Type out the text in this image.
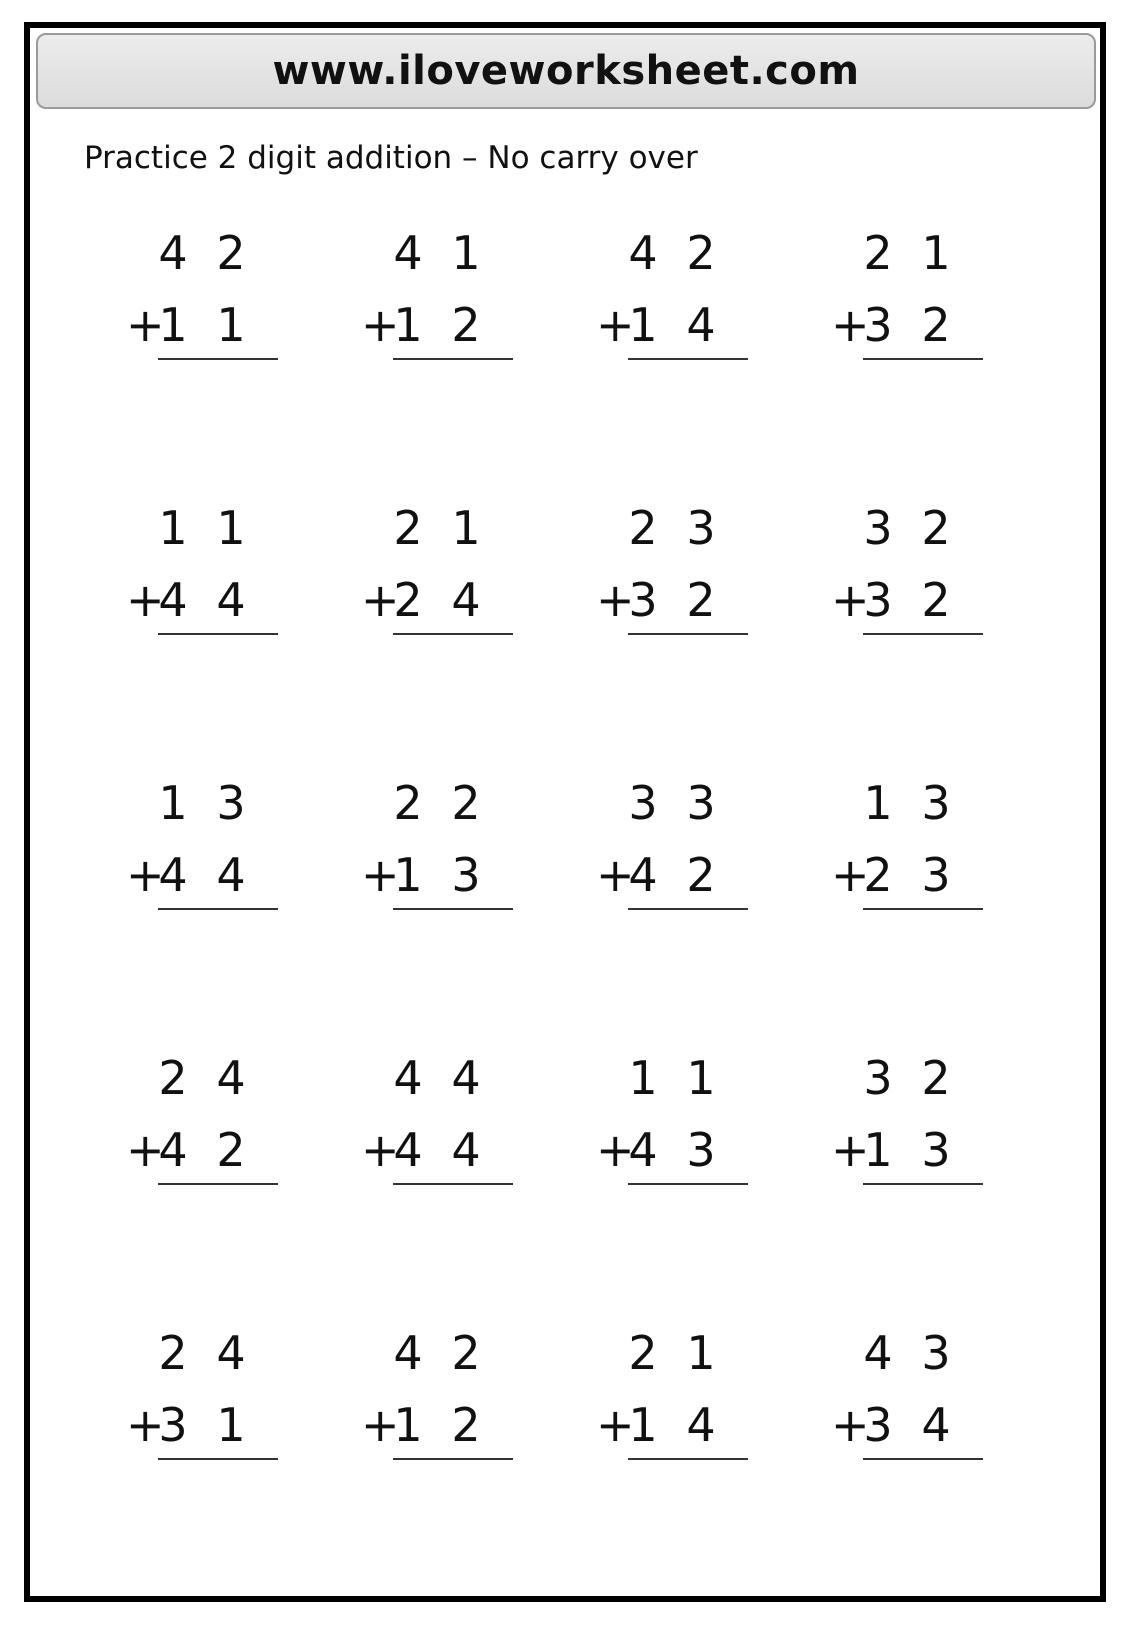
www.iloveworksheet.com
Practice 2 digit addition – No carry over
4 2
+
1 1
4 1
+
1 2
4 2
+
1 4
2 1
+
3 2
1 1
+
4 4
2 1
+
2 4
2 3
+
3 2
3 2
+
3 2
1 3
+
4 4
2 2
+
1 3
3 3
+
4 2
1 3
+
2 3
2 4
+
4 2
4 4
+
4 4
1 1
+
4 3
3 2
+
1 3
2 4
+
3 1
4 2
+
1 2
2 1
+
1 4
4 3
+
3 4
